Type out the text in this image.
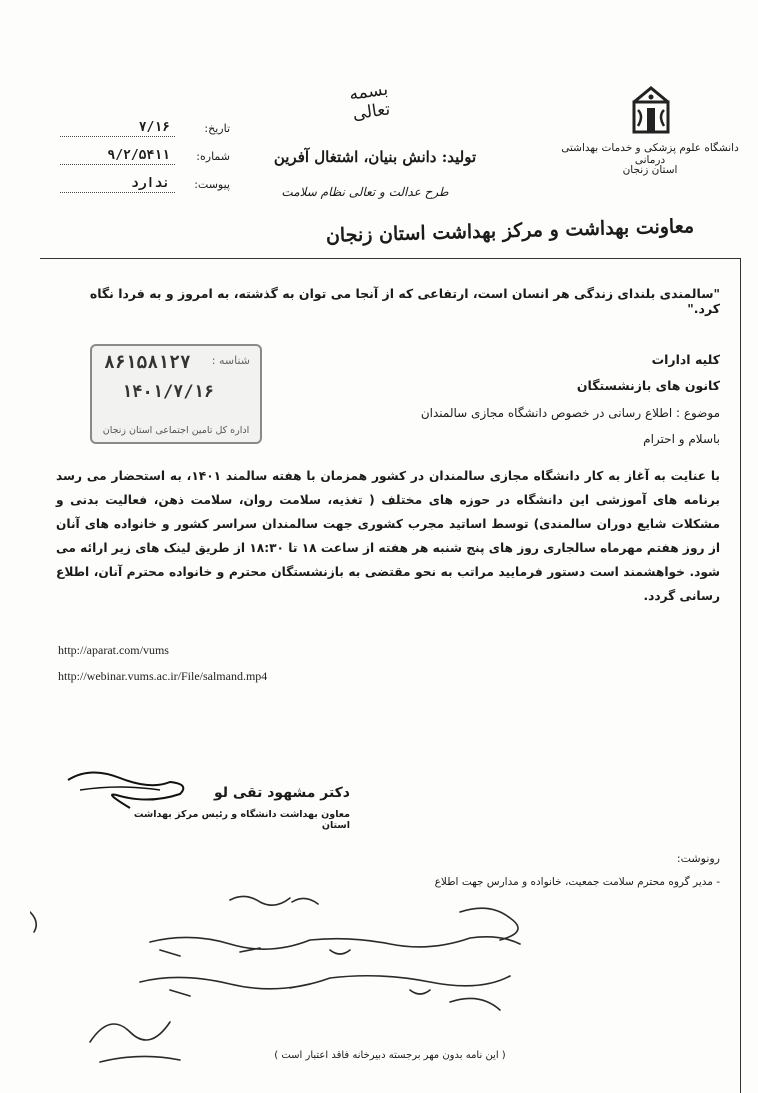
دانشگاه علوم پزشکی و خدمات بهداشتی درمانی
استان زنجان
بسمه تعالی
تولید: دانش بنیان، اشتغال آفرین
طرح عدالت و تعالی نظام سلامت
تاریخ:
۷/۱۶
شماره:
۹/۲/۵۴۱۱
پیوست:
ندارد
معاونت بهداشت و مرکز بهداشت استان زنجان
"سالمندی بلندای زندگی هر انسان است، ارتفاعی که از آنجا می توان به گذشته، به امروز و به فردا نگاه کرد."
شناسه :
۸۶۱۵۸۱۲۷
۱۴۰۱/۷/۱۶
اداره کل تامین اجتماعی استان زنجان
کلیه ادارات
کانون های بازنشستگان
موضوع : اطلاع رسانی در خصوص دانشگاه مجازی سالمندان
باسلام و احترام
با عنایت به آغاز به کار دانشگاه مجازی سالمندان در کشور همزمان با هفته سالمند ۱۴۰۱، به استحضار می رسد برنامه های آموزشی این دانشگاه در حوزه های مختلف ( تغذیه، سلامت روان، سلامت ذهن، فعالیت بدنی و مشکلات شایع دوران سالمندی) توسط اساتید مجرب کشوری جهت سالمندان سراسر کشور و خانواده های آنان از روز هفتم مهرماه سالجاری روز های پنج شنبه هر هفته از ساعت ۱۸ تا ۱۸:۳۰ از طریق لینک های زیر ارائه می شود. خواهشمند است دستور فرمایید مراتب به نحو مقتضی به بازنشستگان محترم و خانواده محترم آنان، اطلاع رسانی گردد.
http://aparat.com/vums
http://webinar.vums.ac.ir/File/salmand.mp4
دکتر مشهود تقی لو
معاون بهداشت دانشگاه و رئیس مرکز بهداشت استان
رونوشت:
- مدیر گروه محترم سلامت جمعیت، خانواده و مدارس جهت اطلاع
( این نامه بدون مهر برجسته دبیرخانه فاقد اعتبار است )
